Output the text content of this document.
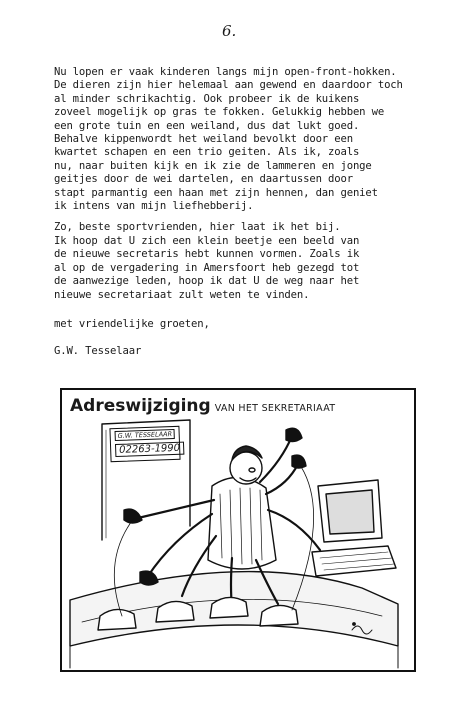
6.
Nu lopen er vaak kinderen langs mijn open-front-hokken.
De dieren zijn hier helemaal aan gewend en daardoor toch
al minder schrikachtig. Ook probeer ik de kuikens
zoveel mogelijk op gras te fokken. Gelukkig hebben we
een grote tuin en een weiland, dus dat lukt goed.
Behalve kippenwordt het weiland bevolkt door een
kwartet schapen en een trio geiten. Als ik, zoals
nu, naar buiten kijk en ik zie de lammeren en jonge
geitjes door de wei dartelen, en daartussen door
stapt parmantig een haan met zijn hennen, dan geniet
ik intens van mijn liefhebberij.
Zo, beste sportvrienden, hier laat ik het bij.
Ik hoop dat U zich een klein beetje een beeld van
de nieuwe secretaris hebt kunnen vormen. Zoals ik
al op de vergadering in Amersfoort heb gezegd tot
de aanwezige leden, hoop ik dat U de weg naar het
nieuwe secretariaat zult weten te vinden.
met vriendelijke groeten,
G.W. Tesselaar
Adreswijziging VAN HET SEKRETARIAAT
G.W. TESSELAAR
02263-1990
